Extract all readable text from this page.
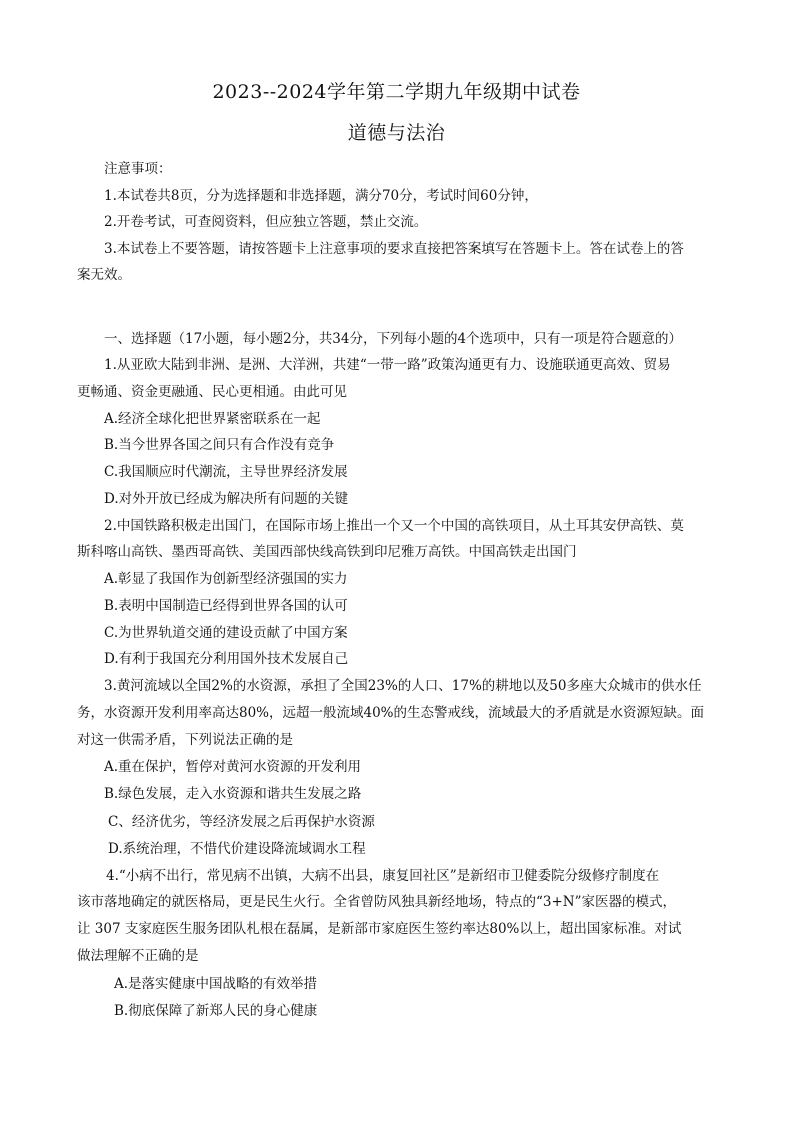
2023--2024学年第二学期九年级期中试卷
道德与法治
注意事项：
1.本试卷共8页，分为选择题和非选择题，满分70分，考试时间60分钟，
2.开卷考试，可查阅资料，但应独立答题，禁止交流。
3.本试卷上不要答题，请按答题卡上注意事项的要求直接把答案填写在答题卡上。答在试卷上的答
案无效。
一、选择题（17小题，每小题2分，共34分，下列每小题的4个选项中，只有一项是符合题意的）
1.从亚欧大陆到非洲、是洲、大洋洲，共建“一带一路”政策沟通更有力、设施联通更高效、贸易
更畅通、资金更融通、民心更相通。由此可见
A.经济全球化把世界紧密联系在一起
B.当今世界各国之间只有合作没有竞争
C.我国顺应时代潮流，主导世界经济发展
D.对外开放已经成为解决所有问题的关键
2.中国铁路积极走出国门，在国际市场上推出一个又一个中国的高铁项目，从土耳其安伊高铁、莫
斯科喀山高铁、墨西哥高铁、美国西部快线高铁到印尼雅万高铁。中国高铁走出国门
A.彰显了我国作为创新型经济强国的实力
B.表明中国制造已经得到世界各国的认可
C.为世界轨道交通的建设贡献了中国方案
D.有利于我国充分利用国外技术发展自己
3.黄河流域以全国2%的水资源，承担了全国23%的人口、17%的耕地以及50多座大众城市的供水任
务，水资源开发利用率高达80%，远超一般流域40%的生态警戒线，流域最大的矛盾就是水资源短缺。面
对这一供需矛盾，下列说法正确的是
A.重在保护，暂停对黄河水资源的开发利用
B.绿色发展，走入水资源和谐共生发展之路
C、经济优劣，等经济发展之后再保护水资源
D.系统治理，不惜代价建设降流域调水工程
4.“小病不出行，常见病不出镇，大病不出县，康复回社区”是新绍市卫健委院分级修疗制度在
该市落地确定的就医格局，更是民生火行。全省曾防风独具新经地场，特点的“3+N”家医器的模式，
让 307 支家庭医生服务团队札根在磊属，是新部市家庭医生签约率达80%以上，超出国家标准。对试
做法理解不正确的是
A.是落实健康中国战略的有效举措
B.彻底保障了新郑人民的身心健康
